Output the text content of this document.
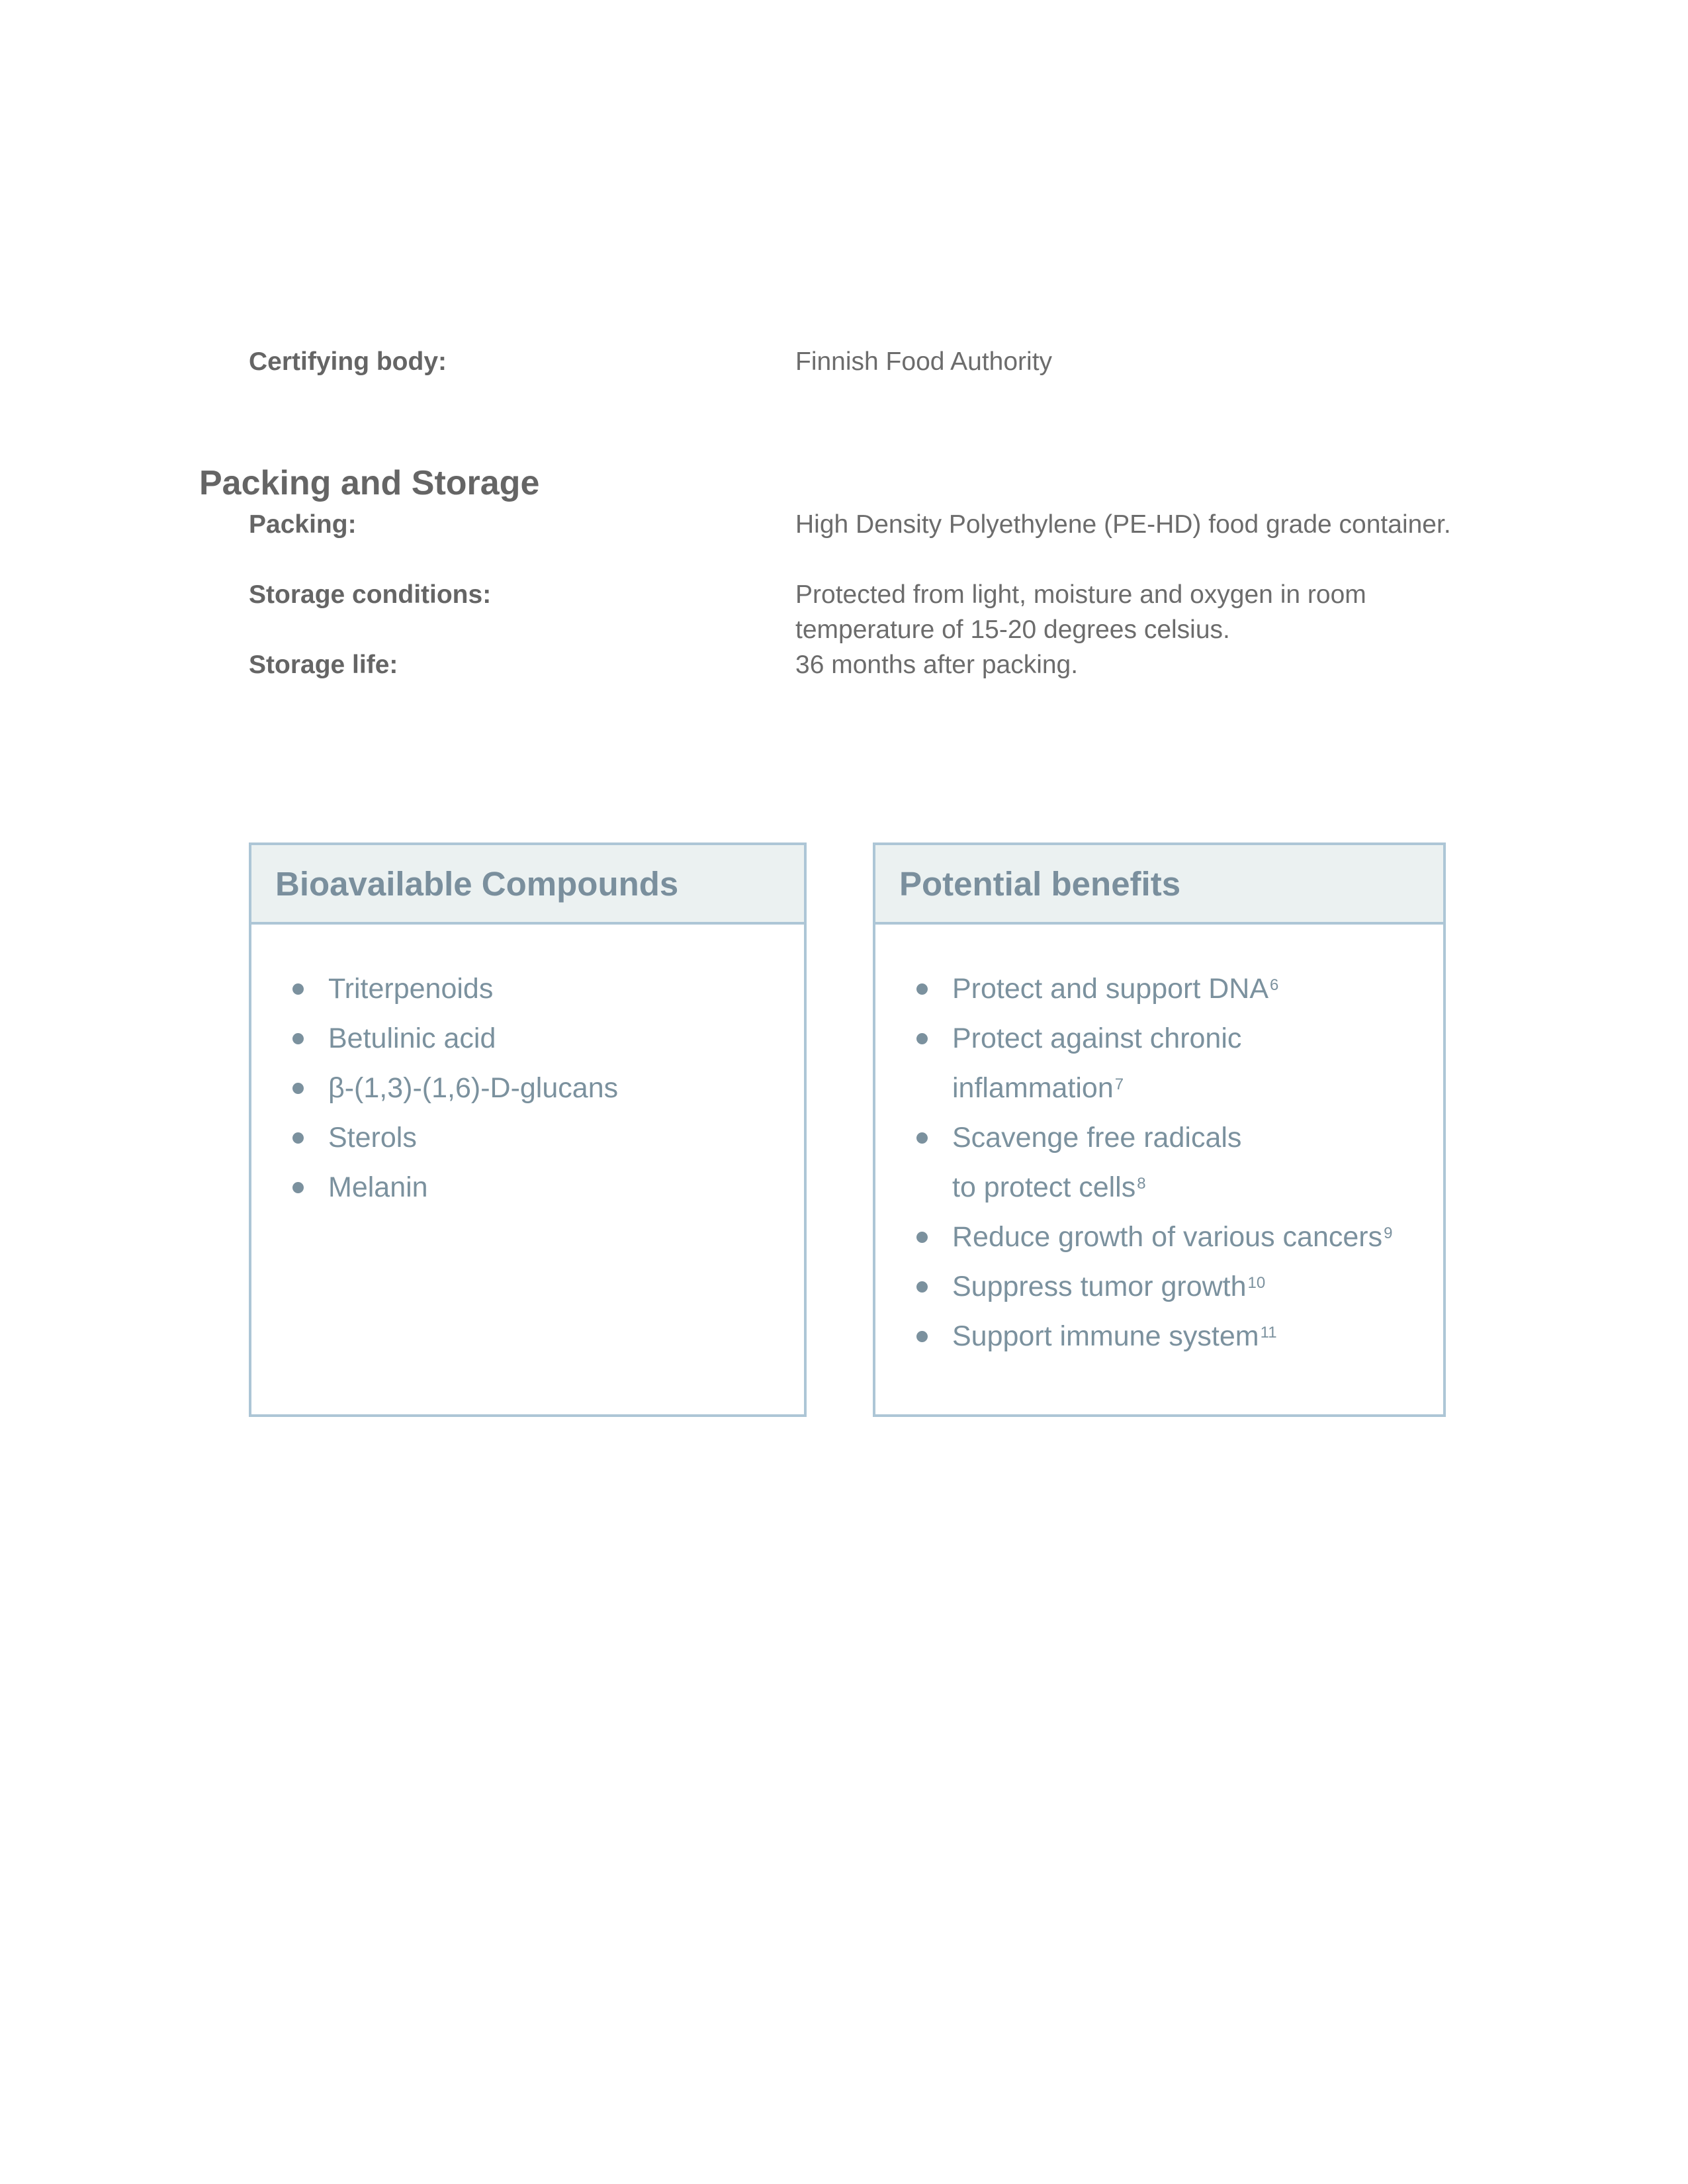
Certifying body:	Finnish Food Authority
Packing and Storage
Packing:	High Density Polyethylene (PE-HD) food grade container.
Storage conditions:	Protected from light, moisture and oxygen in room temperature of 15-20 degrees celsius.
Storage life:	36 months after packing.
Bioavailable Compounds
Triterpenoids
Betulinic acid
β-(1,3)-(1,6)-D-glucans
Sterols
Melanin
Potential benefits
Protect and support DNA$^6$
Protect against chronic
inflammation$^7$
Scavenge free radicals
to protect cells$^8$
Reduce growth of various cancers$^9$
Suppress tumor growth$^{10}$
Support immune system$^{11}$
